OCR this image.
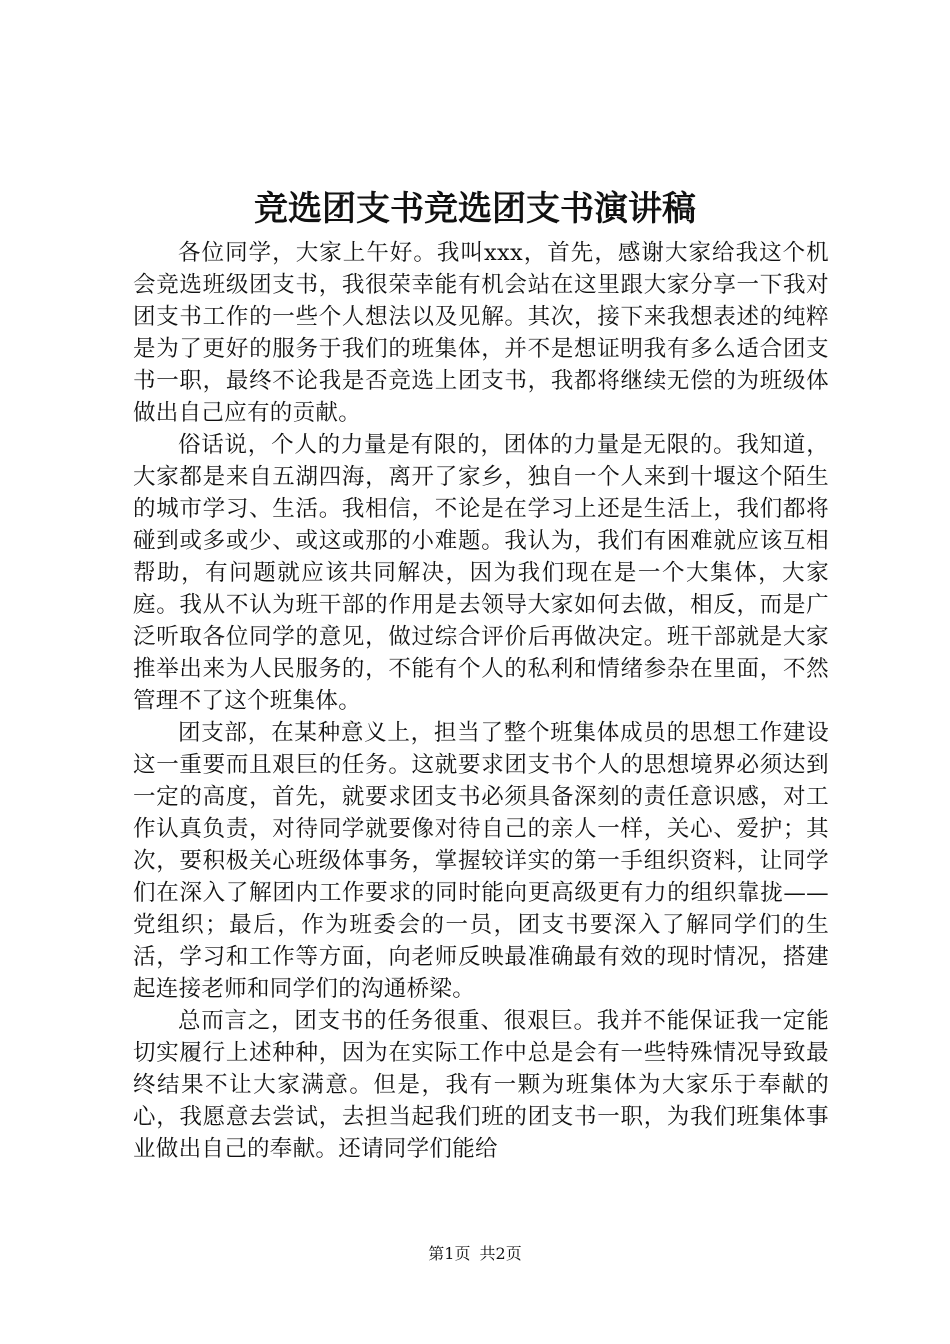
竞选团支书竞选团支书演讲稿

各位同学，大家上午好。我叫xxx，首先，感谢大家给我这个机会竞选班级团支书，我很荣幸能有机会站在这里跟大家分享一下我对团支书工作的一些个人想法以及见解。其次，接下来我想表述的纯粹是为了更好的服务于我们的班集体，并不是想证明我有多么适合团支书一职，最终不论我是否竞选上团支书，我都将继续无偿的为班级体做出自己应有的贡献。

俗话说，个人的力量是有限的，团体的力量是无限的。我知道，大家都是来自五湖四海，离开了家乡，独自一个人来到十堰这个陌生的城市学习、生活。我相信，不论是在学习上还是生活上，我们都将碰到或多或少、或这或那的小难题。我认为，我们有困难就应该互相帮助，有问题就应该共同解决，因为我们现在是一个大集体，大家庭。我从不认为班干部的作用是去领导大家如何去做，相反，而是广泛听取各位同学的意见，做过综合评价后再做决定。班干部就是大家推举出来为人民服务的，不能有个人的私利和情绪参杂在里面，不然管理不了这个班集体。

团支部，在某种意义上，担当了整个班集体成员的思想工作建设这一重要而且艰巨的任务。这就要求团支书个人的思想境界必须达到一定的高度，首先，就要求团支书必须具备深刻的责任意识感，对工作认真负责，对待同学就要像对待自己的亲人一样，关心、爱护；其次，要积极关心班级体事务，掌握较详实的第一手组织资料，让同学们在深入了解团内工作要求的同时能向更高级更有力的组织靠拢——党组织；最后，作为班委会的一员，团支书要深入了解同学们的生活，学习和工作等方面，向老师反映最准确最有效的现时情况，搭建起连接老师和同学们的沟通桥梁。

总而言之，团支书的任务很重、很艰巨。我并不能保证我一定能切实履行上述种种，因为在实际工作中总是会有一些特殊情况导致最终结果不让大家满意。但是，我有一颗为班集体为大家乐于奉献的心，我愿意去尝试，去担当起我们班的团支书一职，为我们班集体事业做出自己的奉献。还请同学们能给

第1页 共2页
